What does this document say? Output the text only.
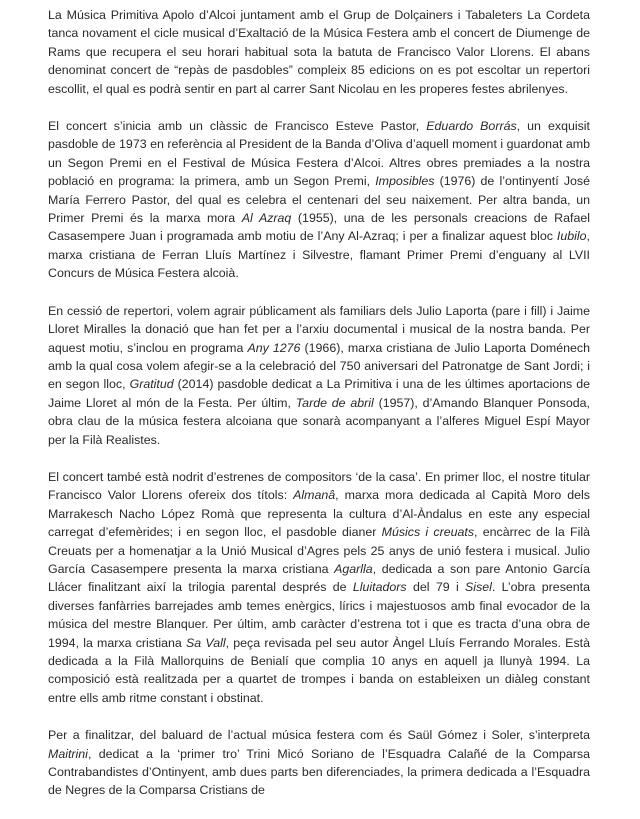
La Música Primitiva Apolo d’Alcoi juntament amb el Grup de Dolçainers i Tabaleters La Cordeta tanca novament el cicle musical d’Exaltació de la Música Festera amb el concert de Diumenge de Rams que recupera el seu horari habitual sota la batuta de Francisco Valor Llorens. El abans denominat concert de “repàs de pasdobles” compleix 85 edicions on es pot escoltar un repertori escollit, el qual es podrà sentir en part al carrer Sant Nicolau en les properes festes abrilenyes.

El concert s’inicia amb un clàssic de Francisco Esteve Pastor, Eduardo Borrás, un exquisit pasdoble de 1973 en referència al President de la Banda d’Oliva d’aquell moment i guardonat amb un Segon Premi en el Festival de Música Festera d’Alcoi. Altres obres premiades a la nostra població en programa: la primera, amb un Segon Premi, Imposibles (1976) de l’ontinyentí José María Ferrero Pastor, del qual es celebra el centenari del seu naixement. Per altra banda, un Primer Premi és la marxa mora Al Azraq (1955), una de les personals creacions de Rafael Casasempere Juan i programada amb motiu de l’Any Al-Azraq; i per a finalizar aquest bloc Iubilo, marxa cristiana de Ferran Lluís Martínez i Silvestre, flamant Primer Premi d’enguany al LVII Concurs de Música Festera alcoià.

En cessió de repertori, volem agrair públicament als familiars dels Julio Laporta (pare i fill) i Jaime Lloret Miralles la donació que han fet per a l’arxiu documental i musical de la nostra banda. Per aquest motiu, s’inclou en programa Any 1276 (1966), marxa cristiana de Julio Laporta Doménech amb la qual cosa volem afegir-se a la celebració del 750 aniversari del Patronatge de Sant Jordi; i en segon lloc, Gratitud (2014) pasdoble dedicat a La Primitiva i una de les últimes aportacions de Jaime Lloret al món de la Festa. Per últim, Tarde de abril (1957), d’Amando Blanquer Ponsoda, obra clau de la música festera alcoiana que sonarà acompanyant a l’alferes Miguel Espí Mayor per la Filà Realistes.

El concert també està nodrit d’estrenes de compositors ‘de la casa’. En primer lloc, el nostre titular Francisco Valor Llorens ofereix dos títols: Almanâ, marxa mora dedicada al Capità Moro dels Marrakesch Nacho López Romà que representa la cultura d’Al-Àndalus en este any especial carregat d’efemèrides; i en segon lloc, el pasdoble dianer Músics i creuats, encàrrec de la Filà Creuats per a homenatjar a la Unió Musical d’Agres pels 25 anys de unió festera i musical. Julio García Casasempere presenta la marxa cristiana Agarlla, dedicada a son pare Antonio García Llácer finalitzant així la trilogia parental després de Lluitadors del 79 i Sisel. L’obra presenta diverses fanfàrries barrejades amb temes enèrgics, lírics i majestuosos amb final evocador de la música del mestre Blanquer. Per últim, amb caràcter d’estrena tot i que es tracta d’una obra de 1994, la marxa cristiana Sa Vall, peça revisada pel seu autor Àngel Lluís Ferrando Morales. Està dedicada a la Filà Mallorquins de Benialí que complia 10 anys en aquell ja llunyà 1994. La composició està realitzada per a quartet de trompes i banda on estableixen un diàleg constant entre ells amb ritme constant i obstinat.

Per a finalitzar, del baluard de l’actual música festera com és Saül Gómez i Soler, s’interpreta Maitrini, dedicat a la ‘primer tro’ Trini Micó Soriano de l’Esquadra Calañé de la Comparsa Contrabandistes d’Ontinyent, amb dues parts ben diferenciades, la primera dedicada a l’Esquadra de Negres de la Comparsa Cristians de
